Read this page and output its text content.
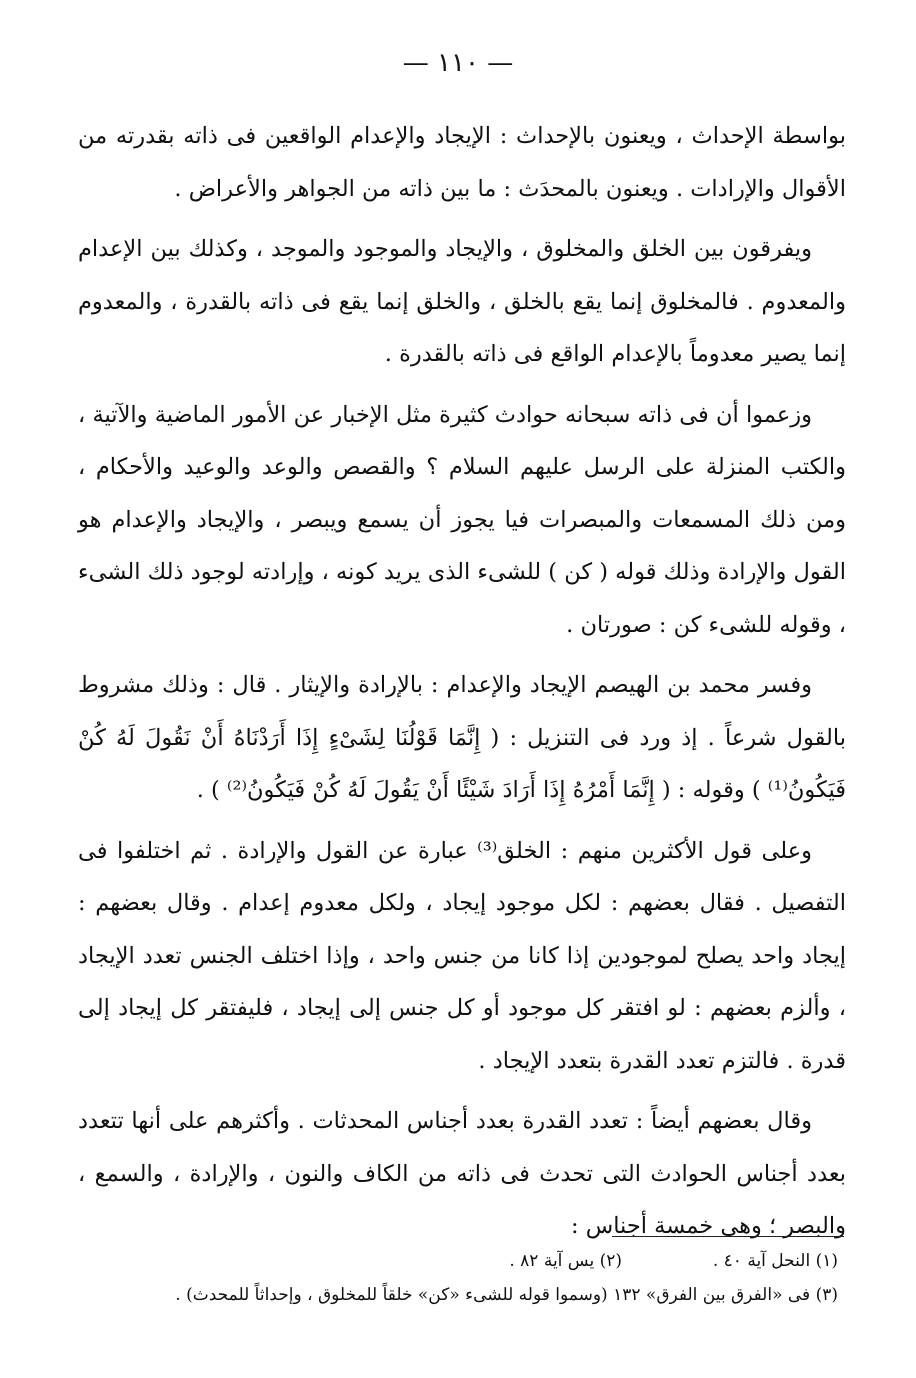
— ١١٠ —

بواسطة الإحداث ، ويعنون بالإحداث : الإيجاد والإعدام الواقعين فى ذاته بقدرته من الأقوال والإرادات . ويعنون بالمحدَث : ما بين ذاته من الجواهر والأعراض .

ويفرقون بين الخلق والمخلوق ، والإيجاد والموجود والموجد ، وكذلك بين الإعدام والمعدوم . فالمخلوق إنما يقع بالخلق ، والخلق إنما يقع فى ذاته بالقدرة ، والمعدوم إنما يصير معدوماً بالإعدام الواقع فى ذاته بالقدرة .

وزعموا أن فى ذاته سبحانه حوادث كثيرة مثل الإخبار عن الأمور الماضية والآتية ، والكتب المنزلة على الرسل عليهم السلام ؟ والقصص والوعد والوعيد والأحكام ، ومن ذلك المسمعات والمبصرات فيا يجوز أن يسمع ويبصر ، والإيجاد والإعدام هو القول والإرادة وذلك قوله ( كن ) للشىء الذى يريد كونه ، وإرادته لوجود ذلك الشىء ، وقوله للشىء كن : صورتان .

وفسر محمد بن الهيصم الإيجاد والإعدام : بالإرادة والإيثار . قال : وذلك مشروط بالقول شرعاً . إذ ورد فى التنزيل : ( إِنَّمَا قَوْلُنَا لِشَىْءٍ إِذَا أَرَدْنَاهُ أَنْ نَقُولَ لَهُ كُنْ فَيَكُونُ⁽¹⁾ ) وقوله : ( إِنَّمَا أَمْرُهُ إِذَا أَرَادَ شَيْئًا أَنْ يَقُولَ لَهُ كُنْ فَيَكُونُ⁽²⁾ ) .

وعلى قول الأكثرين منهم : الخلق⁽³⁾ عبارة عن القول والإرادة . ثم اختلفوا فى التفصيل . فقال بعضهم : لكل موجود إيجاد ، ولكل معدوم إعدام . وقال بعضهم : إيجاد واحد يصلح لموجودين إذا كانا من جنس واحد ، وإذا اختلف الجنس تعدد الإيجاد ، وألزم بعضهم : لو افتقر كل موجود أو كل جنس إلى إيجاد ، فليفتقر كل إيجاد إلى قدرة . فالتزم تعدد القدرة بتعدد الإيجاد .

وقال بعضهم أيضاً : تعدد القدرة بعدد أجناس المحدثات . وأكثرهم على أنها تتعدد بعدد أجناس الحوادث التى تحدث فى ذاته من الكاف والنون ، والإرادة ، والسمع ، والبصر ؛ وهى خمسة أجناس :

(١) النحل آية ٤٠ .  (٢) يس آية ٨٢ .
(٣) فى «الفرق بين الفرق» ١٣٢ (وسموا قوله للشىء «كن» خلقاً للمخلوق ، وإحداثاً للمحدث) .
